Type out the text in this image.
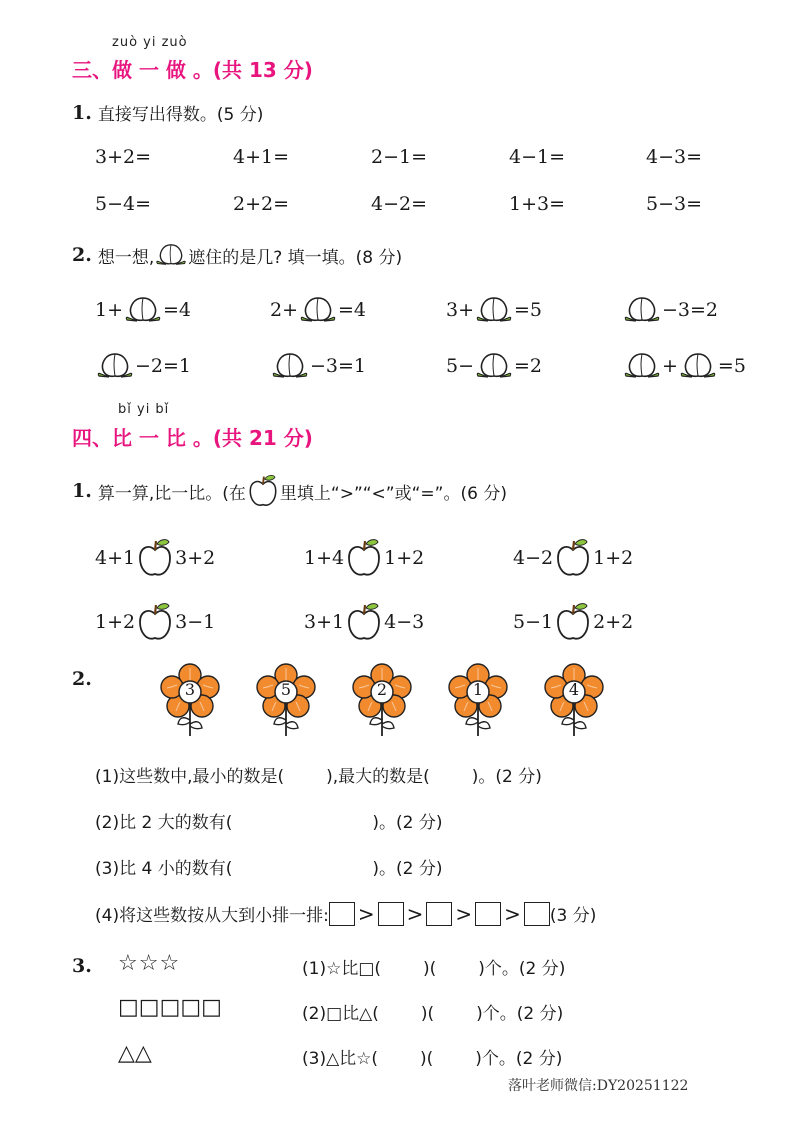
zuò yi zuò
三、做 一 做 。(共 13 分)
1. 直接写出得数。(5 分)
3+2=	4+1=	2−1=	4−1=	4−3=
5−4=	2+2=	4−2=	1+3=	5−3=
2. 想一想, 遮住的是几? 填一填。(8 分)
1+ =4	2+ =4	3+ =5	−3=2
−2=1	−3=1	5− =2	+ =5
bǐ yi bǐ
四、比 一 比 。(共 21 分)
1. 算一算,比一比。(在 里填上“>”“<”或“=”。(6 分)
4+1 3+2	1+4 1+2	4−2 1+2
1+2 3−1	3+1 4−3	5−1 2+2
2.	3	5	2	1	4
(1)这些数中,最小的数是( ),最大的数是( )。(2 分)
(2)比 2 大的数有(	)。(2 分)
(3)比 4 小的数有(	)。(2 分)
(4)将这些数按从大到小排一排: > > > > (3 分)
3. ☆☆☆
□□□□□
△△
(1)☆比□( )( )个。(2 分)
(2)□比△( )( )个。(2 分)
(3)△比☆( )( )个。(2 分)
落叶老师微信:DY20251122
